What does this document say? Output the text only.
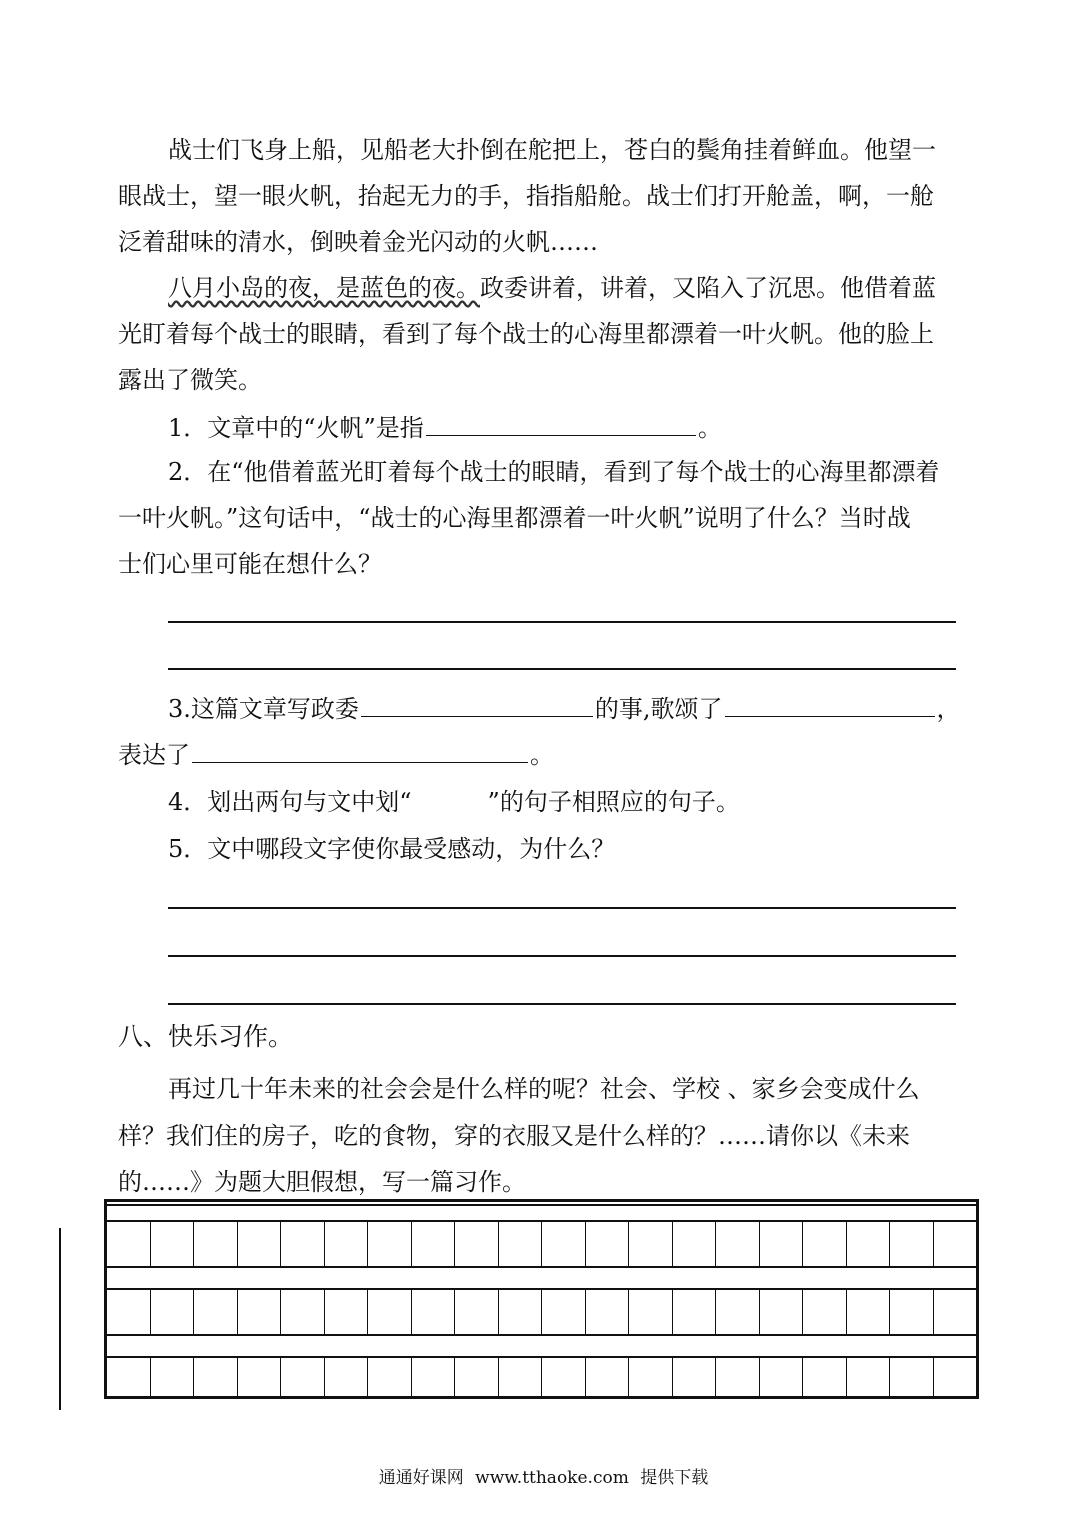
战士们飞身上船，见船老大扑倒在舵把上，苍白的鬓角挂着鲜血。他望一
眼战士，望一眼火帆，抬起无力的手，指指船舱。战士们打开舱盖，啊，一舱
泛着甜味的清水，倒映着金光闪动的火帆……
八月小岛的夜，是蓝色的夜。政委讲着，讲着，又陷入了沉思。他借着蓝
光盯着每个战士的眼睛，看到了每个战士的心海里都漂着一叶火帆。他的脸上
露出了微笑。
1．文章中的“火帆”是指	。
2．在“他借着蓝光盯着每个战士的眼睛，看到了每个战士的心海里都漂着
一叶火帆。”这句话中，“战士的心海里都漂着一叶火帆”说明了什么？当时战
士们心里可能在想什么？
3.这篇文章写政委	的事,歌颂了	，
表达了	。
4．划出两句与文中划“	”的句子相照应的句子。
5．文中哪段文字使你最受感动，为什么？
八、快乐习作。
再过几十年未来的社会会是什么样的呢？社会、学校 、家乡会变成什么
样？我们住的房子，吃的食物，穿的衣服又是什么样的？……请你以《未来
的……》为题大胆假想，写一篇习作。
通通好课网 www.tthaoke.com 提供下载
